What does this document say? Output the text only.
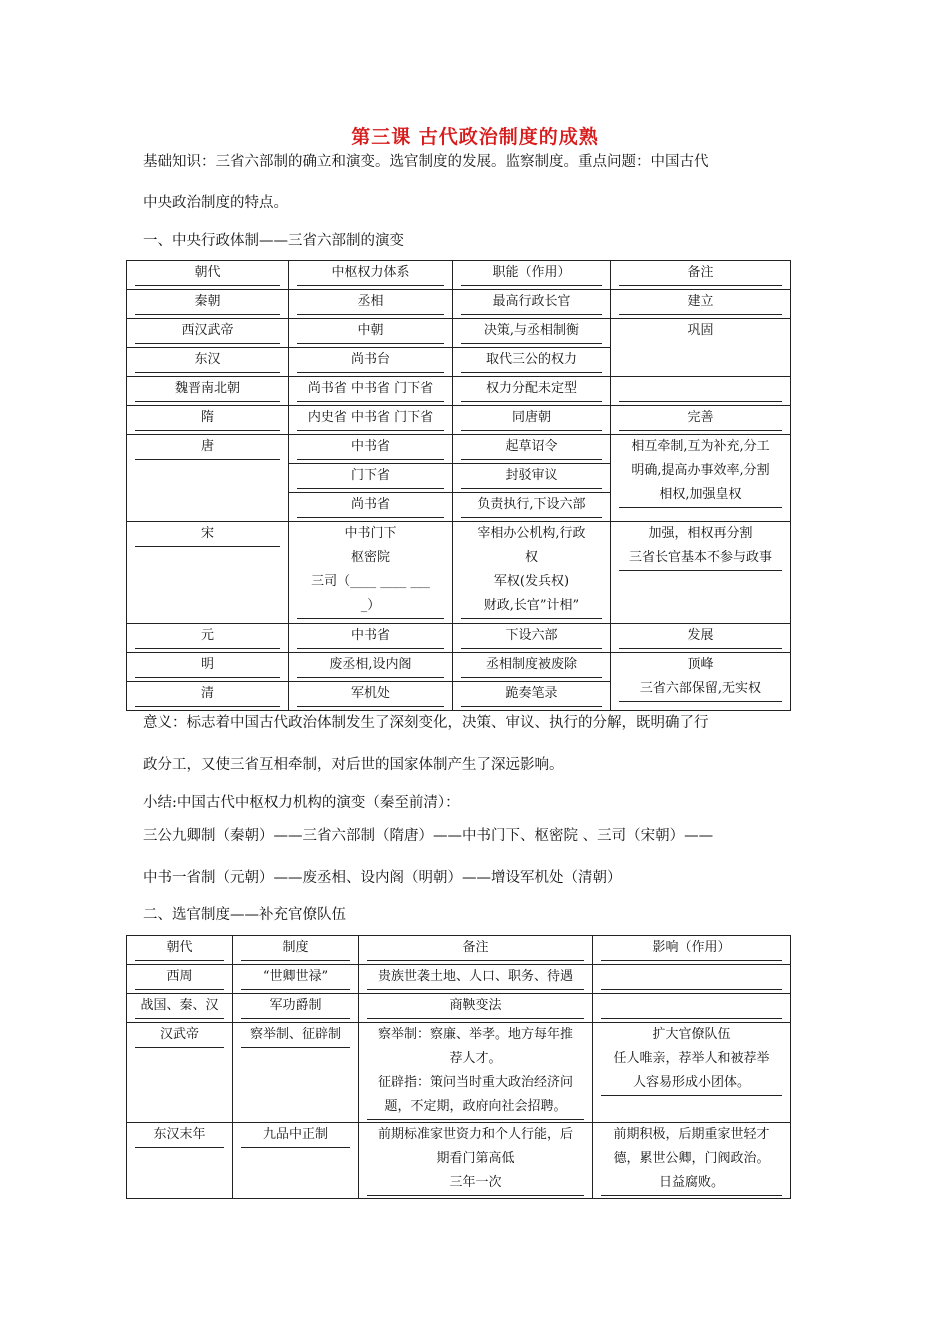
第三课 古代政治制度的成熟
基础知识：三省六部制的确立和演变。选官制度的发展。监察制度。重点问题：中国古代
中央政治制度的特点。
一、中央行政体制——三省六部制的演变
朝代	中枢权力体系	职能（作用）	备注

秦朝	丞相	最高行政长官	建立

西汉武帝	中朝	决策,与丞相制衡	巩固

东汉	尚书台	取代三公的权力	

魏晋南北朝	尚书省 中书省 门下省	权力分配未定型	

隋	内史省 中书省 门下省	同唐朝	完善

唐	中书省	起草诏令	相互牵制,互为补充,分工
明确,提高办事效率,分割
相权,加强皇权

	门下省	封驳审议	

	尚书省	负责执行,下设六部	

宋	中书门下
枢密院
三司（____ ____ ___
_）	宰相办公机构,行政
权
军权(发兵权)
财政,长官”计相”	加强，相权再分割
三省长官基本不参与政事

元	中书省	下设六部	发展

明	废丞相,设内阁	丞相制度被废除	顶峰
三省六部保留,无实权

清	军机处	跪奏笔录	
意义：标志着中国古代政治体制发生了深刻变化，决策、审议、执行的分解，既明确了行
政分工，又使三省互相牵制，对后世的国家体制产生了深远影响。
小结:中国古代中枢权力机构的演变（秦至前清）：
三公九卿制（秦朝）——三省六部制（隋唐）——中书门下、枢密院 、三司（宋朝）——
中书一省制（元朝）——废丞相、设内阁（明朝）——增设军机处（清朝）
二、选官制度——补充官僚队伍
朝代	制度	备注	影响（作用）

西周	“世卿世禄”	贵族世袭土地、人口、职务、待遇	

战国、秦、汉	军功爵制	商鞅变法	

汉武帝	察举制、征辟制	察举制：察廉、举孝。地方每年推
荐人才。
征辟指：策问当时重大政治经济问
题，不定期，政府向社会招聘。	扩大官僚队伍
任人唯亲，荐举人和被荐举
人容易形成小团体。

东汉末年	九品中正制	前期标准家世资力和个人行能，后
期看门第高低
三年一次	前期积极，后期重家世轻才
德，累世公卿，门阀政治。
日益腐败。
